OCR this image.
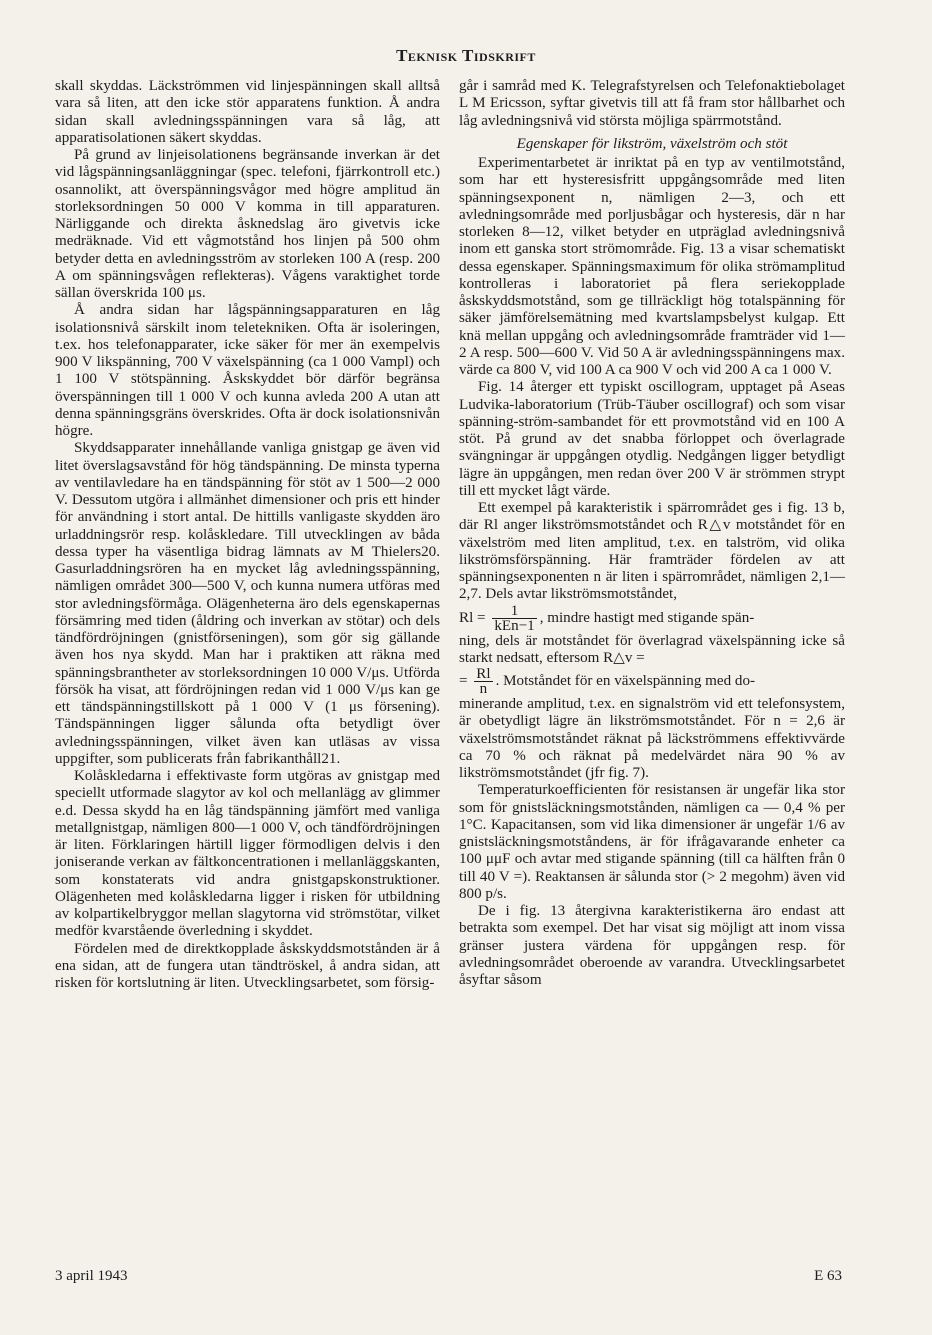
Teknisk Tidskrift

skall skyddas. Läckströmmen vid linjespänningen skall alltså vara så liten, att den icke stör apparatens funktion. Å andra sidan skall avledningsspänningen vara så låg, att apparatisolationen säkert skyddas.

På grund av linjeisolationens begränsande inverkan är det vid lågspänningsanläggningar (spec. telefoni, fjärrkontroll etc.) osannolikt, att överspänningsvågor med högre amplitud än storleksordningen 50 000 V komma in till apparaturen. Närliggande och direkta åsknedslag äro givetvis icke medräknade. Vid ett vågmotstånd hos linjen på 500 ohm betyder detta en avledningsström av storleken 100 A (resp. 200 A om spänningsvågen reflekteras). Vågens varaktighet torde sällan överskrida 100 μs.

Å andra sidan har lågspänningsapparaturen en låg isolationsnivå särskilt inom teletekniken. Ofta är isoleringen, t.ex. hos telefonapparater, icke säker för mer än exempelvis 900 V likspänning, 700 V växelspänning (ca 1 000 Vampl) och 1 100 V stötspänning. Åskskyddet bör därför begränsa överspänningen till 1 000 V och kunna avleda 200 A utan att denna spänningsgräns överskrides. Ofta är dock isolationsnivån högre.

Skyddsapparater innehållande vanliga gnistgap ge även vid litet överslagsavstånd för hög tändspänning. De minsta typerna av ventilavledare ha en tändspänning för stöt av 1 500—2 000 V. Dessutom utgöra i allmänhet dimensioner och pris ett hinder för användning i stort antal. De hittills vanligaste skydden äro urladdningsrör resp. kolåskledare. Till utvecklingen av båda dessa typer ha väsentliga bidrag lämnats av M Thielers20. Gasurladdningsrören ha en mycket låg avledningsspänning, nämligen området 300—500 V, och kunna numera utföras med stor avledningsförmåga. Olägenheterna äro dels egenskapernas försämring med tiden (åldring och inverkan av stötar) och dels tändfördröjningen (gnistförseningen), som gör sig gällande även hos nya skydd. Man har i praktiken att räkna med spänningsbrantheter av storleksordningen 10 000 V/μs. Utförda försök ha visat, att fördröjningen redan vid 1 000 V/μs kan ge ett tändspänningstillskott på 1 000 V (1 μs försening). Tändspänningen ligger sålunda ofta betydligt över avledningsspänningen, vilket även kan utläsas av vissa uppgifter, som publicerats från fabrikanthåll21.

Kolåskledarna i effektivaste form utgöras av gnistgap med speciellt utformade slagytor av kol och mellanlägg av glimmer e.d. Dessa skydd ha en låg tändspänning jämfört med vanliga metallgnistgap, nämligen 800—1 000 V, och tändfördröjningen är liten. Förklaringen härtill ligger förmodligen delvis i den joniserande verkan av fältkoncentrationen i mellanläggskanten, som konstaterats vid andra gnistgapskonstruktioner. Olägenheten med kolåskledarna ligger i risken för utbildning av kolpartikelbryggor mellan slagytorna vid strömstötar, vilket medför kvarstående överledning i skyddet.

Fördelen med de direktkopplade åskskyddsmotstånden är å ena sidan, att de fungera utan tändtröskel, å andra sidan, att risken för kortslutning är liten. Utvecklingsarbetet, som försig-

går i samråd med K. Telegrafstyrelsen och Telefonaktiebolaget L M Ericsson, syftar givetvis till att få fram stor hållbarhet och låg avledningsnivå vid största möjliga spärrmotstånd.

Egenskaper för likström, växelström och stöt

Experimentarbetet är inriktat på en typ av ventilmotstånd, som har ett hysteresisfritt uppgångsområde med liten spänningsexponent n, nämligen 2—3, och ett avledningsområde med porljusbågar och hysteresis, där n har storleken 8—12, vilket betyder en utpräglad avledningsnivå inom ett ganska stort strömområde. Fig. 13 a visar schematiskt dessa egenskaper. Spänningsmaximum för olika strömamplitud kontrolleras i laboratoriet på flera seriekopplade åskskyddsmotstånd, som ge tillräckligt hög totalspänning för säker jämförelsemätning med kvartslampsbelyst kulgap. Ett knä mellan uppgång och avledningsområde framträder vid 1—2 A resp. 500—600 V. Vid 50 A är avledningsspänningens max. värde ca 800 V, vid 100 A ca 900 V och vid 200 A ca 1 000 V.

Fig. 14 återger ett typiskt oscillogram, upptaget på Aseas Ludvika-laboratorium (Trüb-Täuber oscillograf) och som visar spänning-ström-sambandet för ett provmotstånd vid en 100 A stöt. På grund av det snabba förloppet och överlagrade svängningar är uppgången otydlig. Nedgången ligger betydligt lägre än uppgången, men redan över 200 V är strömmen strypt till ett mycket lågt värde.

Ett exempel på karakteristik i spärrområdet ges i fig. 13 b, där Rl anger likströmsmotståndet och R△v motståndet för en växelström med liten amplitud, t.ex. en talström, vid olika likströmsförspänning. Här framträder fördelen av att spänningsexponenten n är liten i spärrområdet, nämligen 2,1—2,7. Dels avtar likströmsmotståndet,

$Rl = \frac{1}{\text{kEn−1}}$ , mindre hastigt med stigande spän-

ning, dels är motståndet för överlagrad växelspänning icke så starkt nedsatt, eftersom R△v =

= $\frac{Rl}{n}$ . Motståndet för en växelspänning med do-

minerande amplitud, t.ex. en signalström vid ett telefonsystem, är obetydligt lägre än likströmsmotståndet. För n = 2,6 är växelströmsmotståndet räknat på läckströmmens effektivvärde ca 70 % och räknat på medelvärdet nära 90 % av likströmsmotståndet (jfr fig. 7).

Temperaturkoefficienten för resistansen är ungefär lika stor som för gnistsläckningsmotstånden, nämligen ca — 0,4 % per 1°C. Kapacitansen, som vid lika dimensioner är ungefär 1/6 av gnistsläckningsmotståndens, är för ifrågavarande enheter ca 100 μμF och avtar med stigande spänning (till ca hälften från 0 till 40 V =). Reaktansen är sålunda stor (> 2 megohm) även vid 800 p/s.

De i fig. 13 återgivna karakteristikerna äro endast att betrakta som exempel. Det har visat sig möjligt att inom vissa gränser justera värdena för uppgången resp. för avledningsområdet oberoende av varandra. Utvecklingsarbetet åsyftar såsom

3 april 1943	E 63
